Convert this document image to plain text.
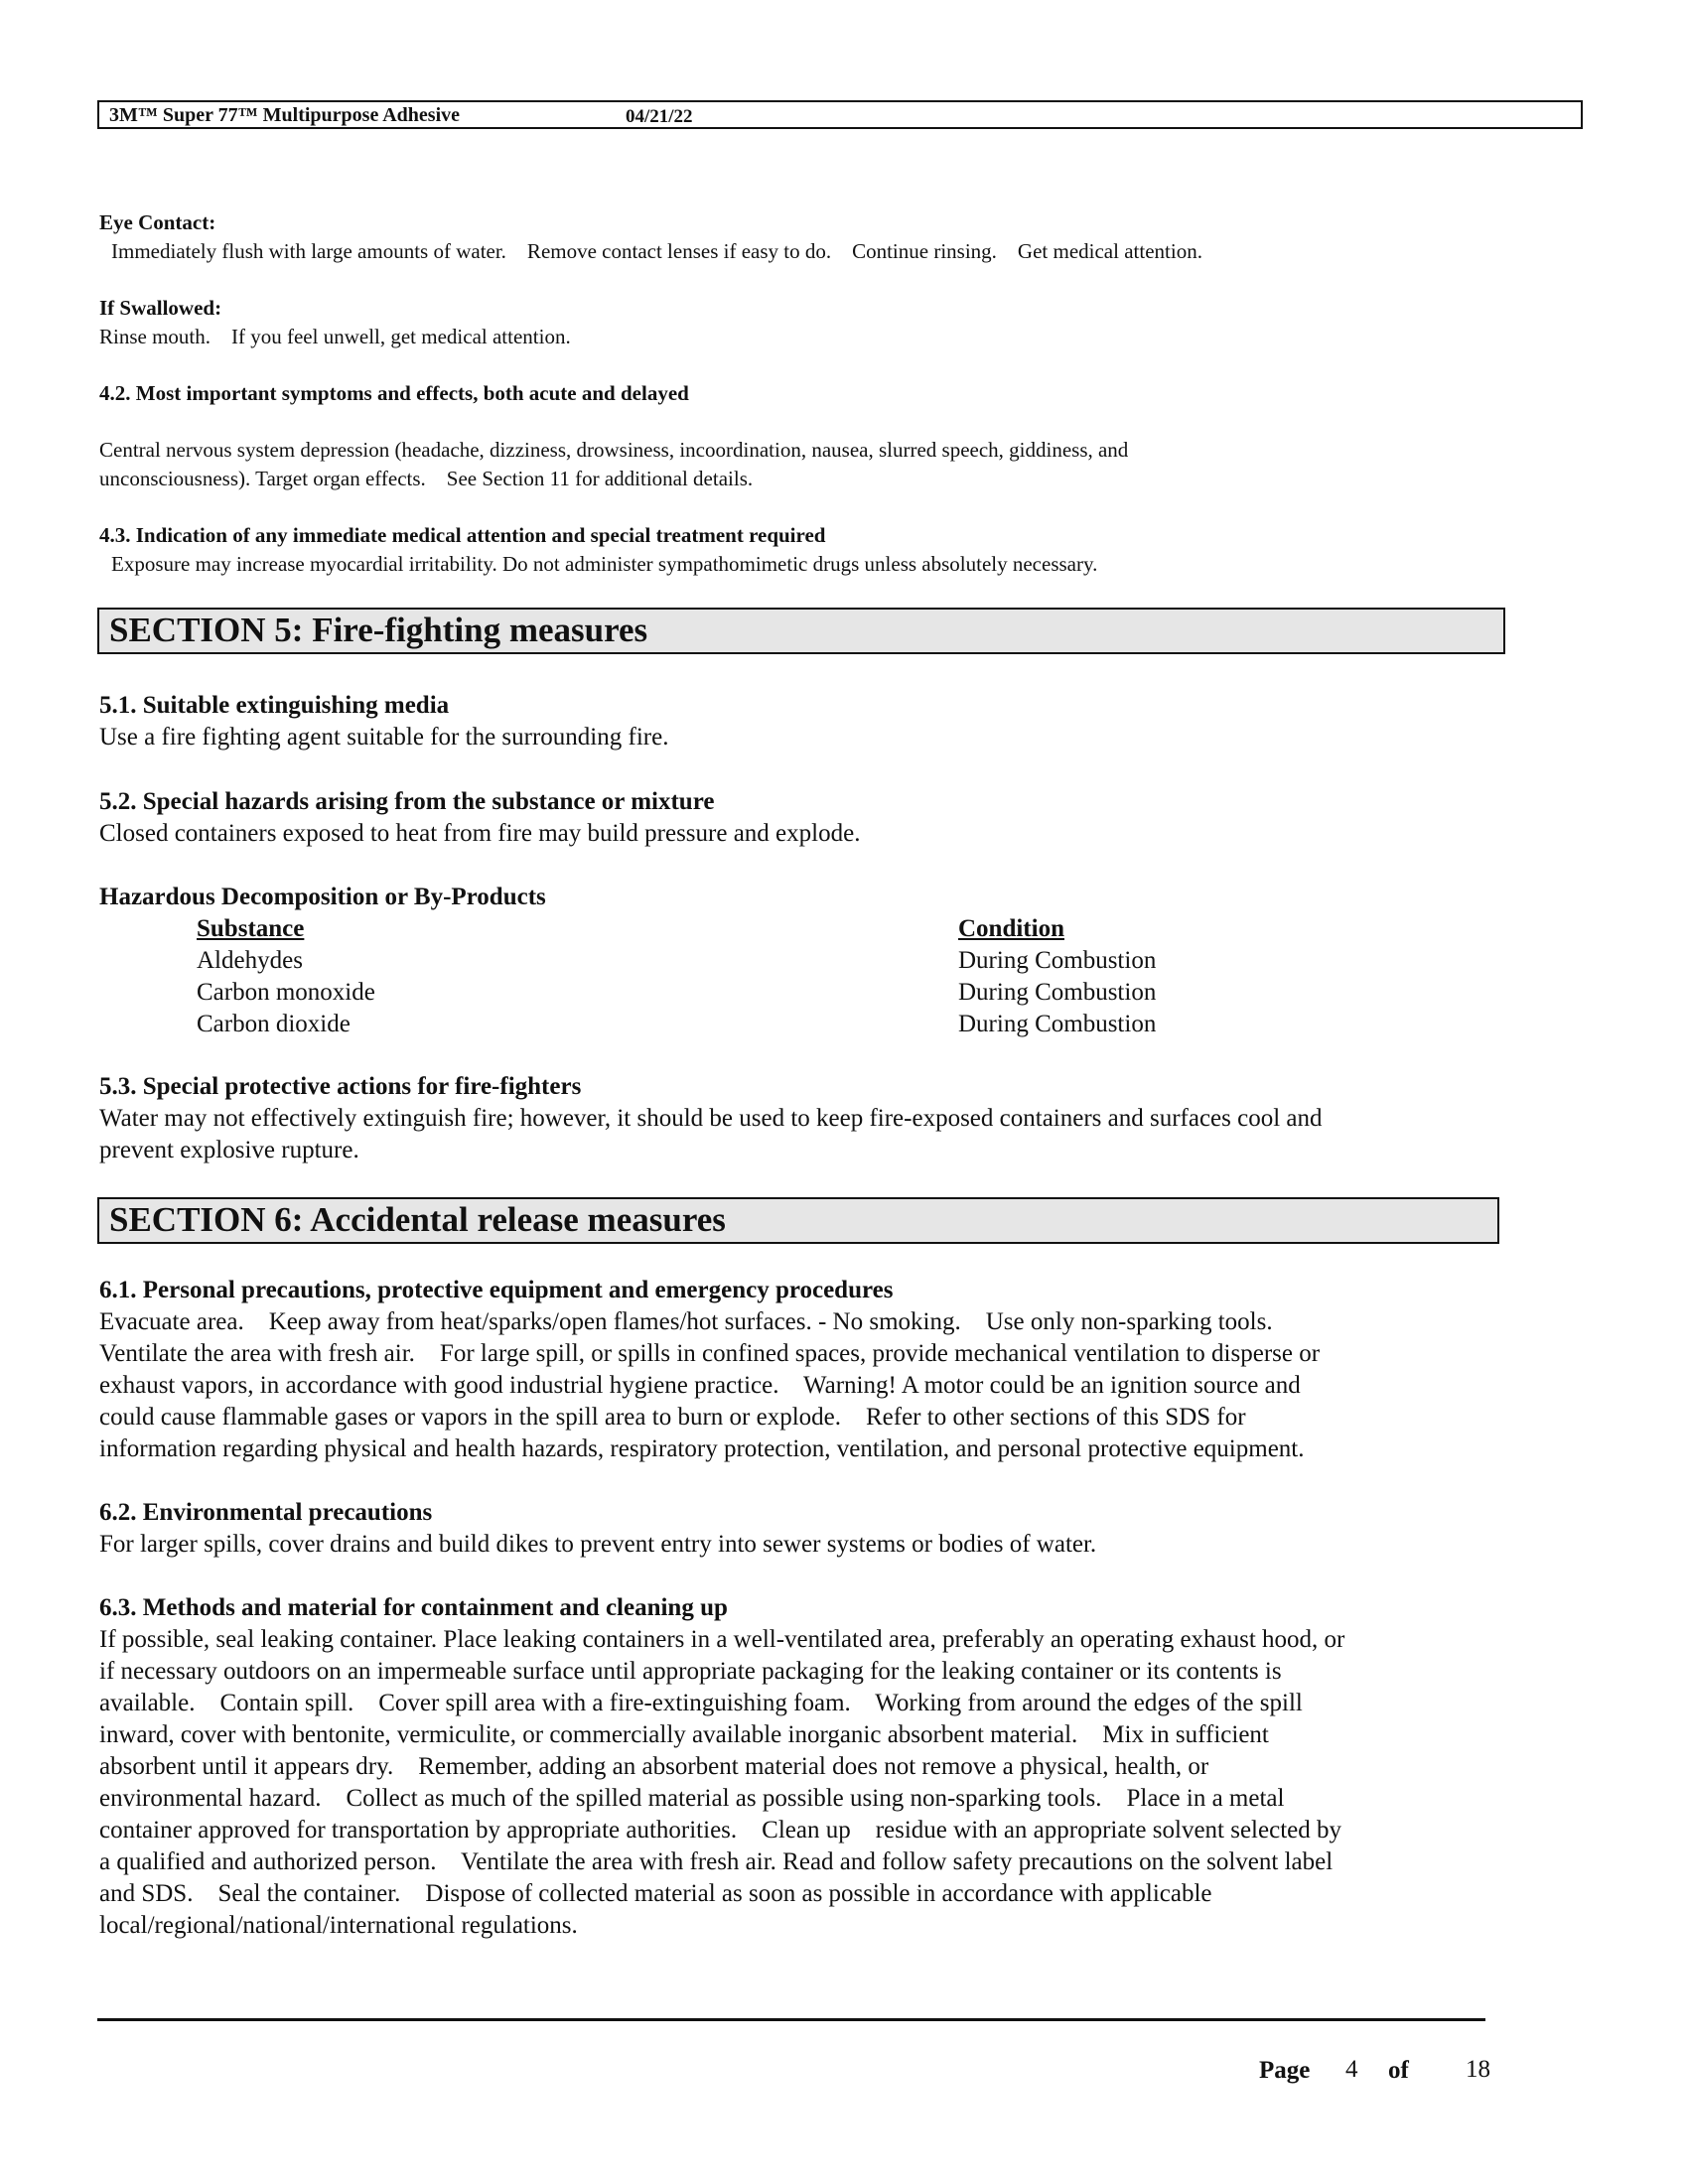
3M™ Super 77™ Multipurpose Adhesive	04/21/22
Eye Contact:
Immediately flush with large amounts of water.    Remove contact lenses if easy to do.    Continue rinsing.    Get medical attention.
If Swallowed:
Rinse mouth.    If you feel unwell, get medical attention.
4.2. Most important symptoms and effects, both acute and delayed
Central nervous system depression (headache, dizziness, drowsiness, incoordination, nausea, slurred speech, giddiness, and
unconsciousness). Target organ effects.    See Section 11 for additional details.
4.3. Indication of any immediate medical attention and special treatment required
Exposure may increase myocardial irritability. Do not administer sympathomimetic drugs unless absolutely necessary.
SECTION 5: Fire-fighting measures
5.1. Suitable extinguishing media
Use a fire fighting agent suitable for the surrounding fire.
5.2. Special hazards arising from the substance or mixture
Closed containers exposed to heat from fire may build pressure and explode.
Hazardous Decomposition or By-Products
Substance	Condition
Aldehydes	During Combustion
Carbon monoxide	During Combustion
Carbon dioxide	During Combustion
5.3. Special protective actions for fire-fighters
Water may not effectively extinguish fire; however, it should be used to keep fire-exposed containers and surfaces cool and
prevent explosive rupture.
SECTION 6: Accidental release measures
6.1. Personal precautions, protective equipment and emergency procedures
Evacuate area.    Keep away from heat/sparks/open flames/hot surfaces. - No smoking.    Use only non-sparking tools.
Ventilate the area with fresh air.    For large spill, or spills in confined spaces, provide mechanical ventilation to disperse or
exhaust vapors, in accordance with good industrial hygiene practice.    Warning! A motor could be an ignition source and
could cause flammable gases or vapors in the spill area to burn or explode.    Refer to other sections of this SDS for
information regarding physical and health hazards, respiratory protection, ventilation, and personal protective equipment.
6.2. Environmental precautions
For larger spills, cover drains and build dikes to prevent entry into sewer systems or bodies of water.
6.3. Methods and material for containment and cleaning up
If possible, seal leaking container. Place leaking containers in a well-ventilated area, preferably an operating exhaust hood, or
if necessary outdoors on an impermeable surface until appropriate packaging for the leaking container or its contents is
available.    Contain spill.    Cover spill area with a fire-extinguishing foam.    Working from around the edges of the spill
inward, cover with bentonite, vermiculite, or commercially available inorganic absorbent material.    Mix in sufficient
absorbent until it appears dry.    Remember, adding an absorbent material does not remove a physical, health, or
environmental hazard.    Collect as much of the spilled material as possible using non-sparking tools.    Place in a metal
container approved for transportation by appropriate authorities.    Clean up    residue with an appropriate solvent selected by
a qualified and authorized person.    Ventilate the area with fresh air. Read and follow safety precautions on the solvent label
and SDS.    Seal the container.    Dispose of collected material as soon as possible in accordance with applicable
local/regional/national/international regulations.
Page 4 of 18
